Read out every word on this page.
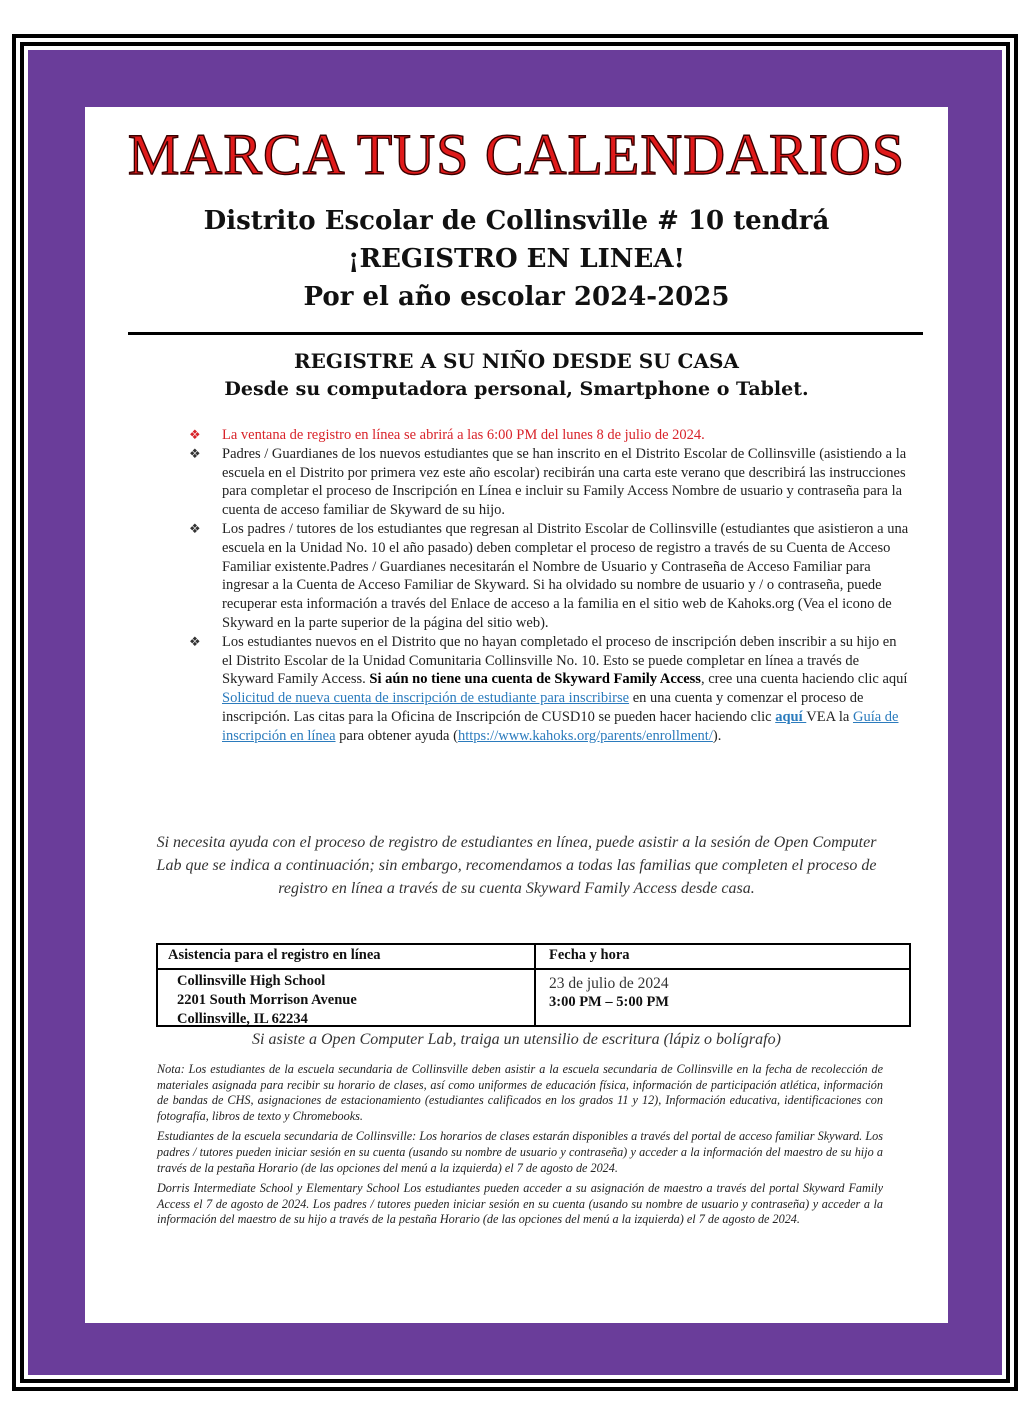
MARCA TUS CALENDARIOS
Distrito Escolar de Collinsville # 10 tendrá
¡REGISTRO EN LINEA!
Por el año escolar 2024-2025
REGISTRE A SU NIÑO DESDE SU CASA
Desde su computadora personal, Smartphone o Tablet.
❖ La ventana de registro en línea se abrirá a las 6:00 PM del lunes 8 de julio de 2024.
❖ Padres / Guardianes de los nuevos estudiantes que se han inscrito en el Distrito Escolar de Collinsville (asistiendo a la escuela en el Distrito por primera vez este año escolar) recibirán una carta este verano que describirá las instrucciones para completar el proceso de Inscripción en Línea e incluir su Family Access Nombre de usuario y contraseña para la cuenta de acceso familiar de Skyward de su hijo.
❖ Los padres / tutores de los estudiantes que regresan al Distrito Escolar de Collinsville (estudiantes que asistieron a una escuela en la Unidad No. 10 el año pasado) deben completar el proceso de registro a través de su Cuenta de Acceso Familiar existente.Padres / Guardianes necesitarán el Nombre de Usuario y Contraseña de Acceso Familiar para ingresar a la Cuenta de Acceso Familiar de Skyward. Si ha olvidado su nombre de usuario y / o contraseña, puede recuperar esta información a través del Enlace de acceso a la familia en el sitio web de Kahoks.org (Vea el icono de Skyward en la parte superior de la página del sitio web).
❖ Los estudiantes nuevos en el Distrito que no hayan completado el proceso de inscripción deben inscribir a su hijo en el Distrito Escolar de la Unidad Comunitaria Collinsville No. 10. Esto se puede completar en línea a través de Skyward Family Access. Si aún no tiene una cuenta de Skyward Family Access, cree una cuenta haciendo clic aquí Solicitud de nueva cuenta de inscripción de estudiante para inscribirse en una cuenta y comenzar el proceso de inscripción. Las citas para la Oficina de Inscripción de CUSD10 se pueden hacer haciendo clic aquí VEA la Guía de inscripción en línea para obtener ayuda (https://www.kahoks.org/parents/enrollment/).
Si necesita ayuda con el proceso de registro de estudiantes en línea, puede asistir a la sesión de Open Computer Lab que se indica a continuación; sin embargo, recomendamos a todas las familias que completen el proceso de registro en línea a través de su cuenta Skyward Family Access desde casa.
Asistencia para el registro en línea	Fecha y hora
Collinsville High School
2201 South Morrison Avenue
Collinsville, IL 62234
23 de julio de 2024
3:00 PM – 5:00 PM
Si asiste a Open Computer Lab, traiga un utensilio de escritura (lápiz o bolígrafo)

Nota: Los estudiantes de la escuela secundaria de Collinsville deben asistir a la escuela secundaria de Collinsville en la fecha de recolección de materiales asignada para recibir su horario de clases, así como uniformes de educación física, información de participación atlética, información de bandas de CHS, asignaciones de estacionamiento (estudiantes calificados en los grados 11 y 12), Información educativa, identificaciones con fotografía, libros de texto y Chromebooks.

Estudiantes de la escuela secundaria de Collinsville: Los horarios de clases estarán disponibles a través del portal de acceso familiar Skyward. Los padres / tutores pueden iniciar sesión en su cuenta (usando su nombre de usuario y contraseña) y acceder a la información del maestro de su hijo a través de la pestaña Horario (de las opciones del menú a la izquierda) el 7 de agosto de 2024.

Dorris Intermediate School y Elementary School Los estudiantes pueden acceder a su asignación de maestro a través del portal Skyward Family Access el 7 de agosto de 2024. Los padres / tutores pueden iniciar sesión en su cuenta (usando su nombre de usuario y contraseña) y acceder a la información del maestro de su hijo a través de la pestaña Horario (de las opciones del menú a la izquierda) el 7 de agosto de 2024.
